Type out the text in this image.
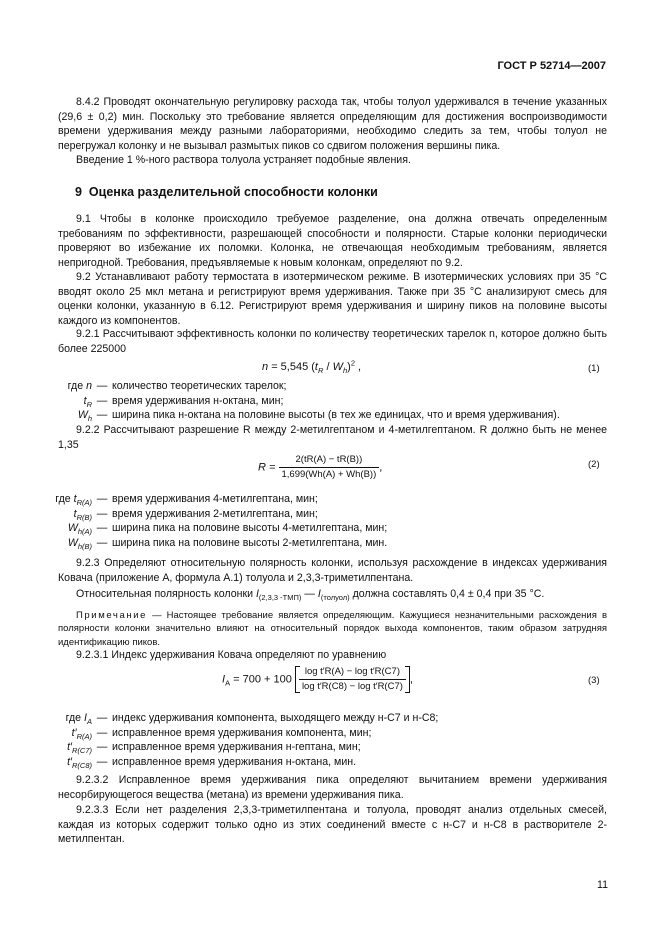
ГОСТ Р 52714—2007
8.4.2 Проводят окончательную регулировку расхода так, чтобы толуол удерживался в течение указанных (29,6 ± 0,2) мин. Поскольку это требование является определяющим для достижения воспроизводимости времени удерживания между разными лабораториями, необходимо следить за тем, чтобы толуол не перегружал колонку и не вызывал размытых пиков со сдвигом положения вершины пика.
Введение 1 %-ного раствора толуола устраняет подобные явления.
9 Оценка разделительной способности колонки
9.1 Чтобы в колонке происходило требуемое разделение, она должна отвечать определенным требованиям по эффективности, разрешающей способности и полярности. Старые колонки периодически проверяют во избежание их поломки. Колонка, не отвечающая необходимым требованиям, является непригодной. Требования, предъявляемые к новым колонкам, определяют по 9.2.
9.2 Устанавливают работу термостата в изотермическом режиме. В изотермических условиях при 35 °С вводят около 25 мкл метана и регистрируют время удерживания. Также при 35 °С анализируют смесь для оценки колонки, указанную в 6.12. Регистрируют время удерживания и ширину пиков на половине высоты каждого из компонентов.
9.2.1 Рассчитывают эффективность колонки по количеству теоретических тарелок n, которое должно быть более 225000
n = 5,545 $(t_R / W_h)^2$ ,	(1)
где n — количество теоретических тарелок;
$t_R$ — время удерживания н-октана, мин;
$W_h$ — ширина пика н-октана на половине высоты (в тех же единицах, что и время удерживания).
9.2.2 Рассчитывают разрешение R между 2-метилгептаном и 4-метилгептаном. R должно быть не менее 1,35
$R = \frac{2(tR(A) - tR(B))}{1,699(Wh(A) + Wh(B))}$ ,	(2)
где $t_{R(A)}$ — время удерживания 4-метилгептана, мин;
$t_{R(B)}$ — время удерживания 2-метилгептана, мин;
$W_{h(A)}$ — ширина пика на половине высоты 4-метилгептана, мин;
$W_{h(B)}$ — ширина пика на половине высоты 2-метилгептана, мин.
9.2.3 Определяют относительную полярность колонки, используя расхождение в индексах удерживания Ковача (приложение А, формула А.1) толуола и 2,3,3-триметилпентана.
Относительная полярность колонки $I_{(2,3,3 -ТМП)}$ — $I_{(толуол)}$ должна составлять 0,4 ± 0,4 при 35 °С.
Примечание — Настоящее требование является определяющим. Кажущиеся незначительными расхождения в полярности колонки значительно влияют на относительный порядок выхода компонентов, таким образом затрудняя идентификацию пиков.
9.2.3.1 Индекс удерживания Ковача определяют по уравнению
$I_A = 700 + 100 \frac{\text{log t′R(A) − log t′R(C7)}}{\text{log t′R(C8) − log t′R(C7)}}$ ,	(3)
где $I_A$ — индекс удерживания компонента, выходящего между н-С7 и н-С8;
$t'_{R(A)}$ — исправленное время удерживания компонента, мин;
$t'_{R(C7)}$ — исправленное время удерживания н-гептана, мин;
$t'_{R(C8)}$ — исправленное время удерживания н-октана, мин.
9.2.3.2 Исправленное время удерживания пика определяют вычитанием времени удерживания несорбирующегося вещества (метана) из времени удерживания пика.
9.2.3.3 Если нет разделения 2,3,3-триметилпентана и толуола, проводят анализ отдельных смесей, каждая из которых содержит только одно из этих соединений вместе с н-С7 и н-С8 в растворителе 2-метилпентан.
11
